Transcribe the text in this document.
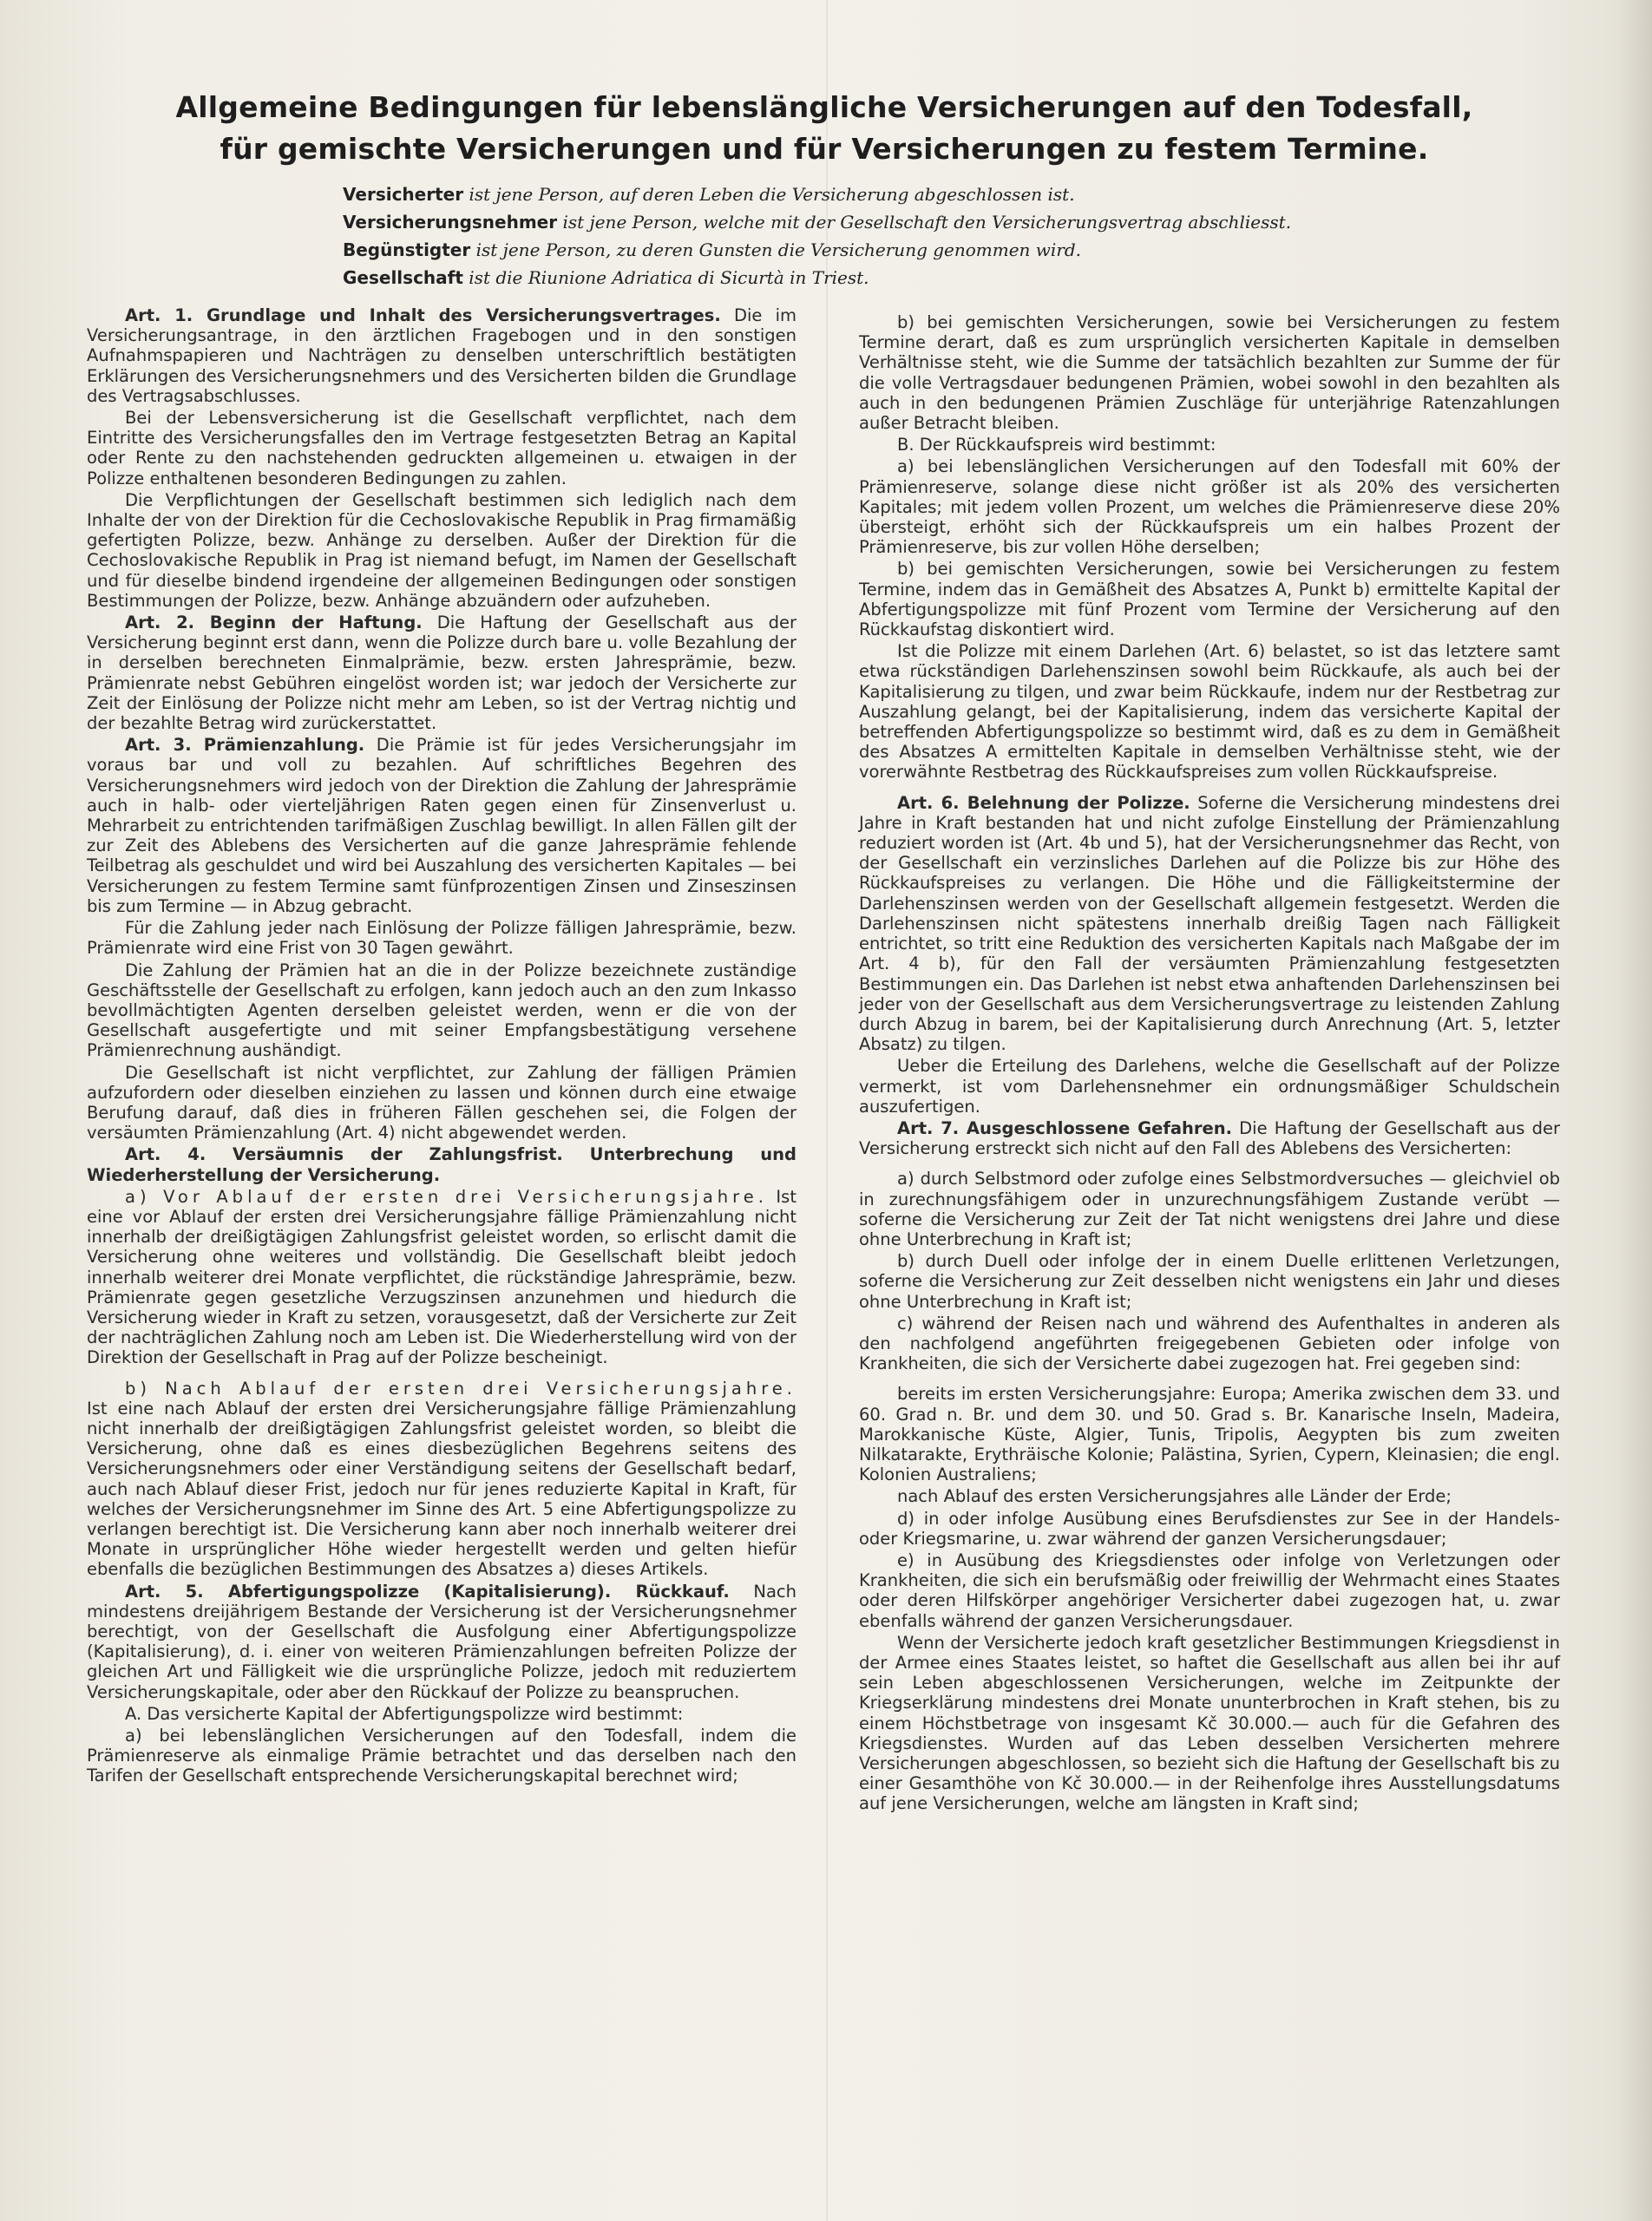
Allgemeine Bedingungen für lebenslängliche Versicherungen auf den Todesfall,
für gemischte Versicherungen und für Versicherungen zu festem Termine.

Versicherter ist jene Person, auf deren Leben die Versicherung abgeschlossen ist.

Versicherungsnehmer ist jene Person, welche mit der Gesellschaft den Versicherungsvertrag abschliesst.

Begünstigter ist jene Person, zu deren Gunsten die Versicherung genommen wird.

Gesellschaft ist die Riunione Adriatica di Sicurtà in Triest.

Art. 1. Grundlage und Inhalt des Versicherungsvertrages. Die im Versicherungsantrage, in den ärztlichen Fragebogen und in den sonstigen Aufnahmspapieren und Nachträgen zu denselben unterschriftlich bestätigten Erklärungen des Versicherungsnehmers und des Versicherten bilden die Grundlage des Vertragsabschlusses.

Bei der Lebensversicherung ist die Gesellschaft verpflichtet, nach dem Eintritte des Versicherungsfalles den im Vertrage festgesetzten Betrag an Kapital oder Rente zu den nachstehenden gedruckten allgemeinen u. etwaigen in der Polizze enthaltenen besonderen Bedingungen zu zahlen.

Die Verpflichtungen der Gesellschaft bestimmen sich lediglich nach dem Inhalte der von der Direktion für die Cechoslovakische Republik in Prag firmamäßig gefertigten Polizze, bezw. Anhänge zu derselben. Außer der Direktion für die Cechoslovakische Republik in Prag ist niemand befugt, im Namen der Gesellschaft und für dieselbe bindend irgendeine der allgemeinen Bedingungen oder sonstigen Bestimmungen der Polizze, bezw. Anhänge abzuändern oder aufzuheben.

Art. 2. Beginn der Haftung. Die Haftung der Gesellschaft aus der Versicherung beginnt erst dann, wenn die Polizze durch bare u. volle Bezahlung der in derselben berechneten Einmalprämie, bezw. ersten Jahresprämie, bezw. Prämienrate nebst Gebühren eingelöst worden ist; war jedoch der Versicherte zur Zeit der Einlösung der Polizze nicht mehr am Leben, so ist der Vertrag nichtig und der bezahlte Betrag wird zurückerstattet.

Art. 3. Prämienzahlung. Die Prämie ist für jedes Versicherungsjahr im voraus bar und voll zu bezahlen. Auf schriftliches Begehren des Versicherungsnehmers wird jedoch von der Direktion die Zahlung der Jahresprämie auch in halb- oder vierteljährigen Raten gegen einen für Zinsenverlust u. Mehrarbeit zu entrichtenden tarifmäßigen Zuschlag bewilligt. In allen Fällen gilt der zur Zeit des Ablebens des Versicherten auf die ganze Jahresprämie fehlende Teilbetrag als geschuldet und wird bei Auszahlung des versicherten Kapitales — bei Versicherungen zu festem Termine samt fünfprozentigen Zinsen und Zinseszinsen bis zum Termine — in Abzug gebracht.

Für die Zahlung jeder nach Einlösung der Polizze fälligen Jahresprämie, bezw. Prämienrate wird eine Frist von 30 Tagen gewährt.

Die Zahlung der Prämien hat an die in der Polizze bezeichnete zuständige Geschäftsstelle der Gesellschaft zu erfolgen, kann jedoch auch an den zum Inkasso bevollmächtigten Agenten derselben geleistet werden, wenn er die von der Gesellschaft ausgefertigte und mit seiner Empfangsbestätigung versehene Prämienrechnung aushändigt.

Die Gesellschaft ist nicht verpflichtet, zur Zahlung der fälligen Prämien aufzufordern oder dieselben einziehen zu lassen und können durch eine etwaige Berufung darauf, daß dies in früheren Fällen geschehen sei, die Folgen der versäumten Prämienzahlung (Art. 4) nicht abgewendet werden.

Art. 4. Versäumnis der Zahlungsfrist. Unterbrechung und Wiederherstellung der Versicherung.

a) Vor Ablauf der ersten drei Versicherungsjahre. Ist eine vor Ablauf der ersten drei Versicherungsjahre fällige Prämienzahlung nicht innerhalb der dreißigtägigen Zahlungsfrist geleistet worden, so erlischt damit die Versicherung ohne weiteres und vollständig. Die Gesellschaft bleibt jedoch innerhalb weiterer drei Monate verpflichtet, die rückständige Jahresprämie, bezw. Prämienrate gegen gesetzliche Verzugszinsen anzunehmen und hiedurch die Versicherung wieder in Kraft zu setzen, vorausgesetzt, daß der Versicherte zur Zeit der nachträglichen Zahlung noch am Leben ist. Die Wiederherstellung wird von der Direktion der Gesellschaft in Prag auf der Polizze bescheinigt.

b) Nach Ablauf der ersten drei Versicherungsjahre. Ist eine nach Ablauf der ersten drei Versicherungsjahre fällige Prämienzahlung nicht innerhalb der dreißigtägigen Zahlungsfrist geleistet worden, so bleibt die Versicherung, ohne daß es eines diesbezüglichen Begehrens seitens des Versicherungsnehmers oder einer Verständigung seitens der Gesellschaft bedarf, auch nach Ablauf dieser Frist, jedoch nur für jenes reduzierte Kapital in Kraft, für welches der Versicherungsnehmer im Sinne des Art. 5 eine Abfertigungspolizze zu verlangen berechtigt ist. Die Versicherung kann aber noch innerhalb weiterer drei Monate in ursprünglicher Höhe wieder hergestellt werden und gelten hiefür ebenfalls die bezüglichen Bestimmungen des Absatzes a) dieses Artikels.

Art. 5. Abfertigungspolizze (Kapitalisierung). Rückkauf. Nach mindestens dreijährigem Bestande der Versicherung ist der Versicherungsnehmer berechtigt, von der Gesellschaft die Ausfolgung einer Abfertigungspolizze (Kapitalisierung), d. i. einer von weiteren Prämienzahlungen befreiten Polizze der gleichen Art und Fälligkeit wie die ursprüngliche Polizze, jedoch mit reduziertem Versicherungskapitale, oder aber den Rückkauf der Polizze zu beanspruchen.

A. Das versicherte Kapital der Abfertigungspolizze wird bestimmt:

a) bei lebenslänglichen Versicherungen auf den Todesfall, indem die Prämienreserve als einmalige Prämie betrachtet und das derselben nach den Tarifen der Gesellschaft entsprechende Versicherungskapital berechnet wird;

b) bei gemischten Versicherungen, sowie bei Versicherungen zu festem Termine derart, daß es zum ursprünglich versicherten Kapitale in demselben Verhältnisse steht, wie die Summe der tatsächlich bezahlten zur Summe der für die volle Vertragsdauer bedungenen Prämien, wobei sowohl in den bezahlten als auch in den bedungenen Prämien Zuschläge für unterjährige Ratenzahlungen außer Betracht bleiben.

B. Der Rückkaufspreis wird bestimmt:

a) bei lebenslänglichen Versicherungen auf den Todesfall mit 60% der Prämienreserve, solange diese nicht größer ist als 20% des versicherten Kapitales; mit jedem vollen Prozent, um welches die Prämienreserve diese 20% übersteigt, erhöht sich der Rückkaufspreis um ein halbes Prozent der Prämienreserve, bis zur vollen Höhe derselben;

b) bei gemischten Versicherungen, sowie bei Versicherungen zu festem Termine, indem das in Gemäßheit des Absatzes A, Punkt b) ermittelte Kapital der Abfertigungspolizze mit fünf Prozent vom Termine der Versicherung auf den Rückkaufstag diskontiert wird.

Ist die Polizze mit einem Darlehen (Art. 6) belastet, so ist das letztere samt etwa rückständigen Darlehenszinsen sowohl beim Rückkaufe, als auch bei der Kapitalisierung zu tilgen, und zwar beim Rückkaufe, indem nur der Restbetrag zur Auszahlung gelangt, bei der Kapitalisierung, indem das versicherte Kapital der betreffenden Abfertigungspolizze so bestimmt wird, daß es zu dem in Gemäßheit des Absatzes A ermittelten Kapitale in demselben Verhältnisse steht, wie der vorerwähnte Restbetrag des Rückkaufspreises zum vollen Rückkaufspreise.

Art. 6. Belehnung der Polizze. Soferne die Versicherung mindestens drei Jahre in Kraft bestanden hat und nicht zufolge Einstellung der Prämienzahlung reduziert worden ist (Art. 4b und 5), hat der Versicherungsnehmer das Recht, von der Gesellschaft ein verzinsliches Darlehen auf die Polizze bis zur Höhe des Rückkaufspreises zu verlangen. Die Höhe und die Fälligkeitstermine der Darlehenszinsen werden von der Gesellschaft allgemein festgesetzt. Werden die Darlehenszinsen nicht spätestens innerhalb dreißig Tagen nach Fälligkeit entrichtet, so tritt eine Reduktion des versicherten Kapitals nach Maßgabe der im Art. 4 b), für den Fall der versäumten Prämienzahlung festgesetzten Bestimmungen ein. Das Darlehen ist nebst etwa anhaftenden Darlehenszinsen bei jeder von der Gesellschaft aus dem Versicherungsvertrage zu leistenden Zahlung durch Abzug in barem, bei der Kapitalisierung durch Anrechnung (Art. 5, letzter Absatz) zu tilgen.

Ueber die Erteilung des Darlehens, welche die Gesellschaft auf der Polizze vermerkt, ist vom Darlehensnehmer ein ordnungsmäßiger Schuldschein auszufertigen.

Art. 7. Ausgeschlossene Gefahren. Die Haftung der Gesellschaft aus der Versicherung erstreckt sich nicht auf den Fall des Ablebens des Versicherten:

a) durch Selbstmord oder zufolge eines Selbstmordversuches — gleichviel ob in zurechnungsfähigem oder in unzurechnungsfähigem Zustande verübt — soferne die Versicherung zur Zeit der Tat nicht wenigstens drei Jahre und diese ohne Unterbrechung in Kraft ist;

b) durch Duell oder infolge der in einem Duelle erlittenen Verletzungen, soferne die Versicherung zur Zeit desselben nicht wenigstens ein Jahr und dieses ohne Unterbrechung in Kraft ist;

c) während der Reisen nach und während des Aufenthaltes in anderen als den nachfolgend angeführten freigegebenen Gebieten oder infolge von Krankheiten, die sich der Versicherte dabei zugezogen hat. Frei gegeben sind:

bereits im ersten Versicherungsjahre: Europa; Amerika zwischen dem 33. und 60. Grad n. Br. und dem 30. und 50. Grad s. Br. Kanarische Inseln, Madeira, Marokkanische Küste, Algier, Tunis, Tripolis, Aegypten bis zum zweiten Nilkatarakte, Erythräische Kolonie; Palästina, Syrien, Cypern, Kleinasien; die engl. Kolonien Australiens;

nach Ablauf des ersten Versicherungsjahres alle Länder der Erde;

d) in oder infolge Ausübung eines Berufsdienstes zur See in der Handels- oder Kriegsmarine, u. zwar während der ganzen Versicherungsdauer;

e) in Ausübung des Kriegsdienstes oder infolge von Verletzungen oder Krankheiten, die sich ein berufsmäßig oder freiwillig der Wehrmacht eines Staates oder deren Hilfskörper angehöriger Versicherter dabei zugezogen hat, u. zwar ebenfalls während der ganzen Versicherungsdauer.

Wenn der Versicherte jedoch kraft gesetzlicher Bestimmungen Kriegsdienst in der Armee eines Staates leistet, so haftet die Gesellschaft aus allen bei ihr auf sein Leben abgeschlossenen Versicherungen, welche im Zeitpunkte der Kriegserklärung mindestens drei Monate ununterbrochen in Kraft stehen, bis zu einem Höchstbetrage von insgesamt Kč 30.000.— auch für die Gefahren des Kriegsdienstes. Wurden auf das Leben desselben Versicherten mehrere Versicherungen abgeschlossen, so bezieht sich die Haftung der Gesellschaft bis zu einer Gesamthöhe von Kč 30.000.— in der Reihenfolge ihres Ausstellungsdatums auf jene Versicherungen, welche am längsten in Kraft sind;
